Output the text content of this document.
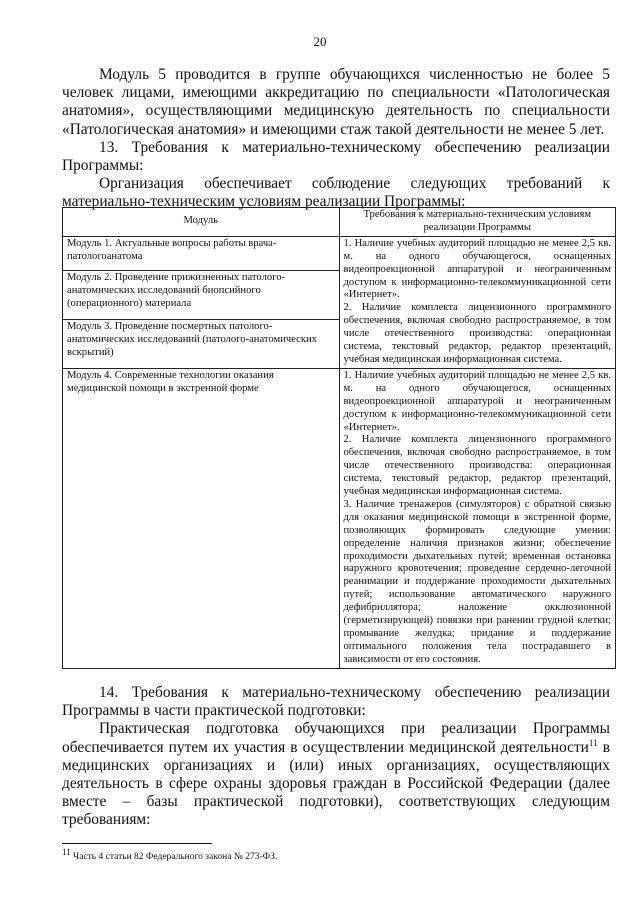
20

Модуль 5 проводится в группе обучающихся численностью не более 5 человек лицами, имеющими аккредитацию по специальности «Патологическая анатомия», осуществляющими медицинскую деятельность по специальности «Патологическая анатомия» и имеющими стаж такой деятельности не менее 5 лет.

13. Требования к материально-техническому обеспечению реализации Программы:

Организация обеспечивает соблюдение следующих требований к материально-техническим условиям реализации Программы:

Модуль	Требования к материально-техническим условиям реализации Программы
Модуль 1. Актуальные вопросы работы врача-патологоанатома	1. Наличие учебных аудиторий площадью не менее 2,5 кв. м. на одного обучающегося, оснащенных видеопроекционной аппаратурой и неограниченным доступом к информационно-телекоммуникационной сети «Интернет».

2. Наличие комплекта лицензионного программного обеспечения, включая свободно распространяемое, в том числе отечественного производства: операционная система, текстовый редактор, редактор презентаций, учебная медицинская информационная система.

Модуль 2. Проведение прижизненных патолого-анатомических исследований биопсийного (операционного) материала	
Модуль 3. Проведение посмертных патолого-анатомических исследований (патолого-анатомических вскрытий)	
Модуль 4. Современные технологии оказания медицинской помощи в экстренной форме	1. Наличие учебных аудиторий площадью не менее 2,5 кв. м. на одного обучающегося, оснащенных видеопроекционной аппаратурой и неограниченным доступом к информационно-телекоммуникационной сети «Интернет».

2. Наличие комплекта лицензионного программного обеспечения, включая свободно распространяемое, в том числе отечественного производства: операционная система, текстовый редактор, редактор презентаций, учебная медицинская информационная система.

3. Наличие тренажеров (симуляторов) с обратной связью для оказания медицинской помощи в экстренной форме, позволяющих формировать следующие умения: определение наличия признаков жизни; обеспечение проходимости дыхательных путей; временная остановка наружного кровотечения; проведение сердечно-легочной реанимации и поддержание проходимости дыхательных путей; использование автоматического наружного дефибриллятора; наложение окклюзионной (герметизирующей) повязки при ранении грудной клетки; промывание желудка; придание и поддержание оптимального положения тела пострадавшего в зависимости от его состояния.

14. Требования к материально-техническому обеспечению реализации Программы в части практической подготовки:

Практическая подготовка обучающихся при реализации Программы обеспечивается путем их участия в осуществлении медицинской деятельности$^{11}$ в медицинских организациях и (или) иных организациях, осуществляющих деятельность в сфере охраны здоровья граждан в Российской Федерации (далее вместе – базы практической подготовки), соответствующих следующим требованиям:

$^{11}$ Часть 4 статьи 82 Федерального закона № 273-ФЗ.
